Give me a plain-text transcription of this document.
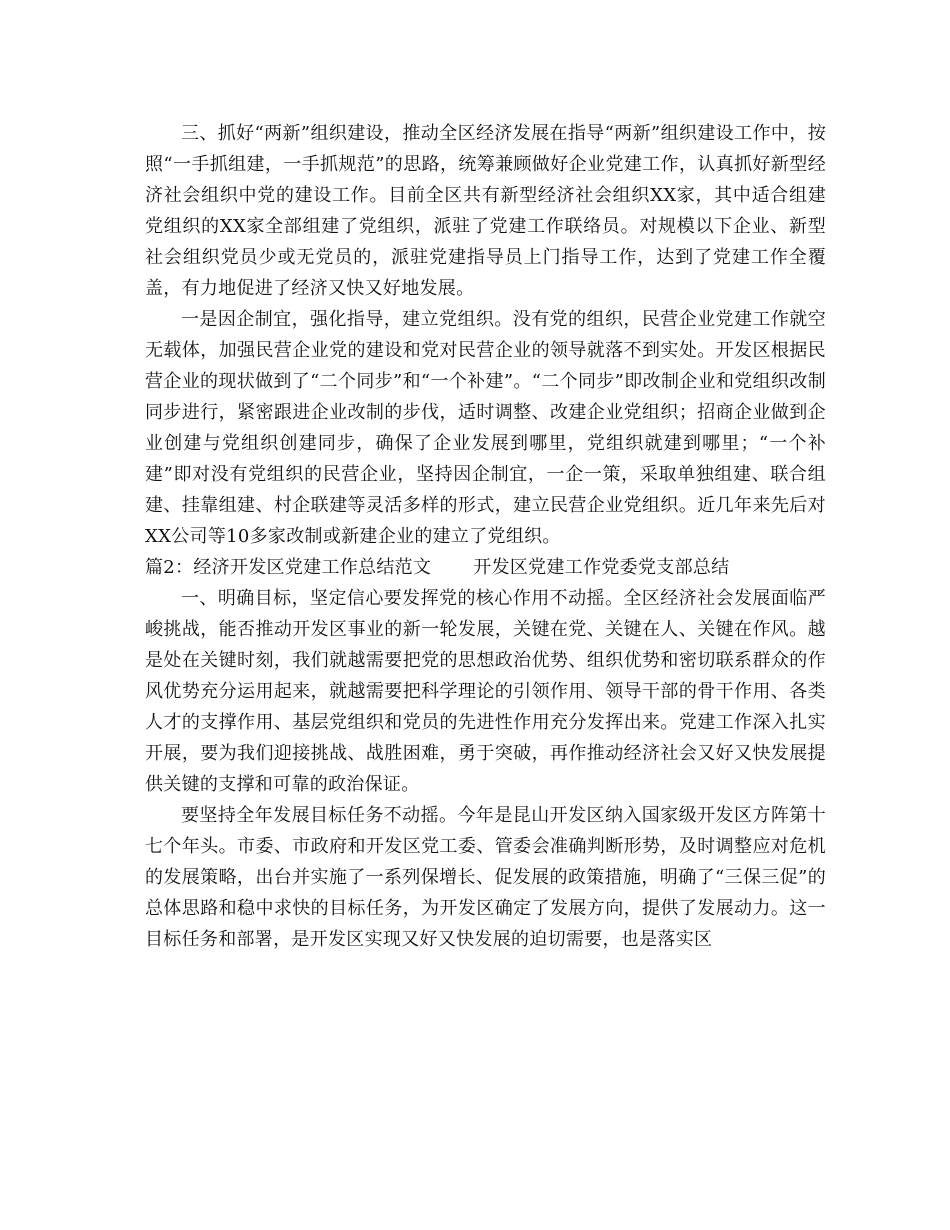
三、抓好“两新”组织建设，推动全区经济发展在指导“两新”组织建设工作中，按照“一手抓组建，一手抓规范”的思路，统筹兼顾做好企业党建工作，认真抓好新型经济社会组织中党的建设工作。目前全区共有新型经济社会组织XX家，其中适合组建党组织的XX家全部组建了党组织，派驻了党建工作联络员。对规模以下企业、新型社会组织党员少或无党员的，派驻党建指导员上门指导工作，达到了党建工作全覆盖，有力地促进了经济又快又好地发展。

一是因企制宜，强化指导，建立党组织。没有党的组织，民营企业党建工作就空无载体，加强民营企业党的建设和党对民营企业的领导就落不到实处。开发区根据民营企业的现状做到了“二个同步”和“一个补建”。“二个同步”即改制企业和党组织改制同步进行，紧密跟进企业改制的步伐，适时调整、改建企业党组织；招商企业做到企业创建与党组织创建同步，确保了企业发展到哪里，党组织就建到哪里；“一个补建”即对没有党组织的民营企业，坚持因企制宜，一企一策，采取单独组建、联合组建、挂靠组建、村企联建等灵活多样的形式，建立民营企业党组织。近几年来先后对XX公司等10多家改制或新建企业的建立了党组织。

篇2：经济开发区党建工作总结范文 开发区党建工作党委党支部总结

一、明确目标，坚定信心要发挥党的核心作用不动摇。全区经济社会发展面临严峻挑战，能否推动开发区事业的新一轮发展，关键在党、关键在人、关键在作风。越是处在关键时刻，我们就越需要把党的思想政治优势、组织优势和密切联系群众的作风优势充分运用起来，就越需要把科学理论的引领作用、领导干部的骨干作用、各类人才的支撑作用、基层党组织和党员的先进性作用充分发挥出来。党建工作深入扎实开展，要为我们迎接挑战、战胜困难，勇于突破，再作推动经济社会又好又快发展提供关键的支撑和可靠的政治保证。

要坚持全年发展目标任务不动摇。今年是昆山开发区纳入国家级开发区方阵第十七个年头。市委、市政府和开发区党工委、管委会准确判断形势，及时调整应对危机的发展策略，出台并实施了一系列保增长、促发展的政策措施，明确了“三保三促”的总体思路和稳中求快的目标任务，为开发区确定了发展方向，提供了发展动力。这一目标任务和部署，是开发区实现又好又快发展的迫切需要，也是落实区
